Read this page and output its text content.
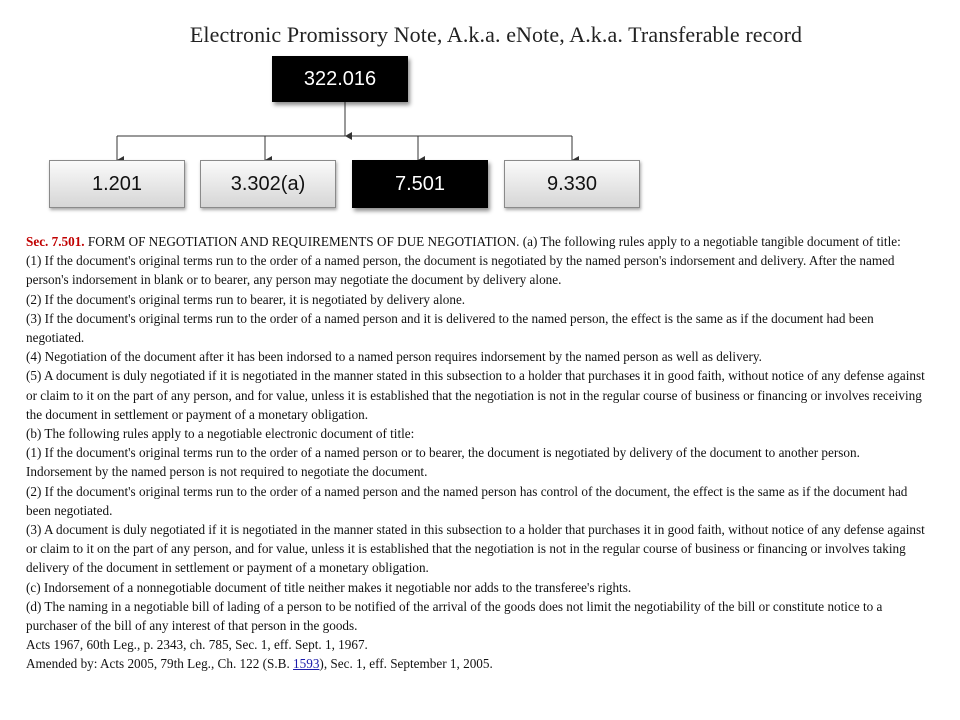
Electronic Promissory Note, A.k.a. eNote, A.k.a. Transferable record
322.016
1.201	3.302(a)	7.501	9.330

Sec. 7.501. FORM OF NEGOTIATION AND REQUIREMENTS OF DUE NEGOTIATION. (a) The following rules apply to a negotiable tangible document of title:

(1) If the document's original terms run to the order of a named person, the document is negotiated by the named person's indorsement and delivery. After the named person's indorsement in blank or to bearer, any person may negotiate the document by delivery alone.

(2) If the document's original terms run to bearer, it is negotiated by delivery alone.

(3) If the document's original terms run to the order of a named person and it is delivered to the named person, the effect is the same as if the document had been negotiated.

(4) Negotiation of the document after it has been indorsed to a named person requires indorsement by the named person as well as delivery.

(5) A document is duly negotiated if it is negotiated in the manner stated in this subsection to a holder that purchases it in good faith, without notice of any defense against or claim to it on the part of any person, and for value, unless it is established that the negotiation is not in the regular course of business or financing or involves receiving the document in settlement or payment of a monetary obligation.

(b) The following rules apply to a negotiable electronic document of title:

(1) If the document's original terms run to the order of a named person or to bearer, the document is negotiated by delivery of the document to another person. Indorsement by the named person is not required to negotiate the document.

(2) If the document's original terms run to the order of a named person and the named person has control of the document, the effect is the same as if the document had been negotiated.

(3) A document is duly negotiated if it is negotiated in the manner stated in this subsection to a holder that purchases it in good faith, without notice of any defense against or claim to it on the part of any person, and for value, unless it is established that the negotiation is not in the regular course of business or financing or involves taking delivery of the document in settlement or payment of a monetary obligation.

(c) Indorsement of a nonnegotiable document of title neither makes it negotiable nor adds to the transferee's rights.

(d) The naming in a negotiable bill of lading of a person to be notified of the arrival of the goods does not limit the negotiability of the bill or constitute notice to a purchaser of the bill of any interest of that person in the goods.

Acts 1967, 60th Leg., p. 2343, ch. 785, Sec. 1, eff. Sept. 1, 1967.

Amended by: Acts 2005, 79th Leg., Ch. 122 (S.B. 1593), Sec. 1, eff. September 1, 2005.
